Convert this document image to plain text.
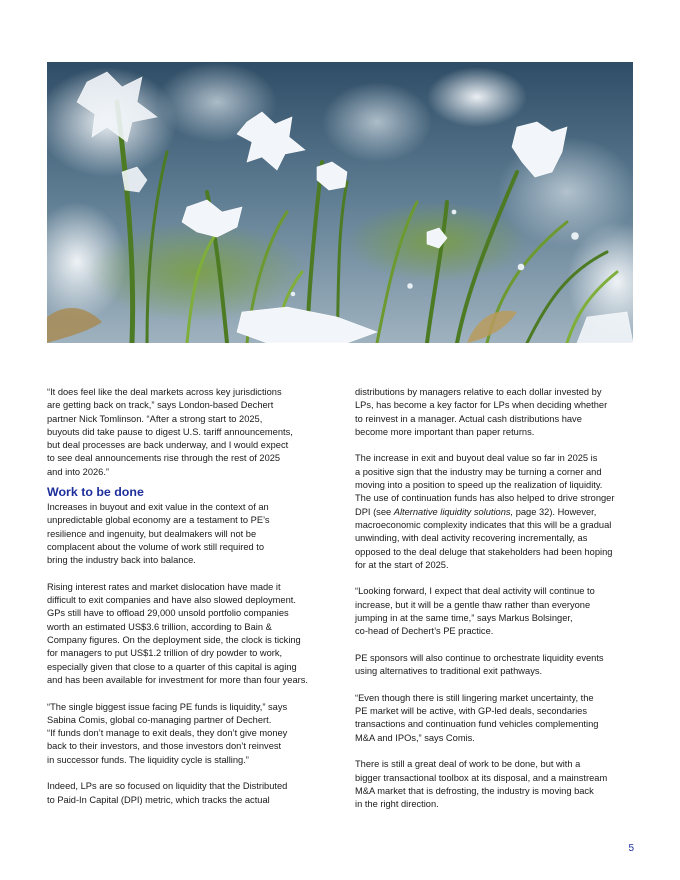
“It does feel like the deal markets across key jurisdictions
are getting back on track,” says London-based Dechert
partner Nick Tomlinson. “After a strong start to 2025,
buyouts did take pause to digest U.S. tariff announcements,
but deal processes are back underway, and I would expect
to see deal announcements rise through the rest of 2025
and into 2026.”

Work to be done

Increases in buyout and exit value in the context of an
unpredictable global economy are a testament to PE’s
resilience and ingenuity, but dealmakers will not be
complacent about the volume of work still required to
bring the industry back into balance.

Rising interest rates and market dislocation have made it
difficult to exit companies and have also slowed deployment.
GPs still have to offload 29,000 unsold portfolio companies
worth an estimated US$3.6 trillion, according to Bain &
Company figures. On the deployment side, the clock is ticking
for managers to put US$1.2 trillion of dry powder to work,
especially given that close to a quarter of this capital is aging
and has been available for investment for more than four years.

“The single biggest issue facing PE funds is liquidity,” says
Sabina Comis, global co-managing partner of Dechert.
“If funds don’t manage to exit deals, they don’t give money
back to their investors, and those investors don’t reinvest
in successor funds. The liquidity cycle is stalling.”

Indeed, LPs are so focused on liquidity that the Distributed
to Paid-In Capital (DPI) metric, which tracks the actual

distributions by managers relative to each dollar invested by
LPs, has become a key factor for LPs when deciding whether
to reinvest in a manager. Actual cash distributions have
become more important than paper returns.

The increase in exit and buyout deal value so far in 2025 is
a positive sign that the industry may be turning a corner and
moving into a position to speed up the realization of liquidity.
The use of continuation funds has also helped to drive stronger
DPI (see Alternative liquidity solutions, page 32). However,
macroeconomic complexity indicates that this will be a gradual
unwinding, with deal activity recovering incrementally, as
opposed to the deal deluge that stakeholders had been hoping
for at the start of 2025.

“Looking forward, I expect that deal activity will continue to
increase, but it will be a gentle thaw rather than everyone
jumping in at the same time,” says Markus Bolsinger,
co-head of Dechert’s PE practice.

PE sponsors will also continue to orchestrate liquidity events
using alternatives to traditional exit pathways.

“Even though there is still lingering market uncertainty, the
PE market will be active, with GP-led deals, secondaries
transactions and continuation fund vehicles complementing
M&A and IPOs,” says Comis.

There is still a great deal of work to be done, but with a
bigger transactional toolbox at its disposal, and a mainstream
M&A market that is defrosting, the industry is moving back
in the right direction.

5
